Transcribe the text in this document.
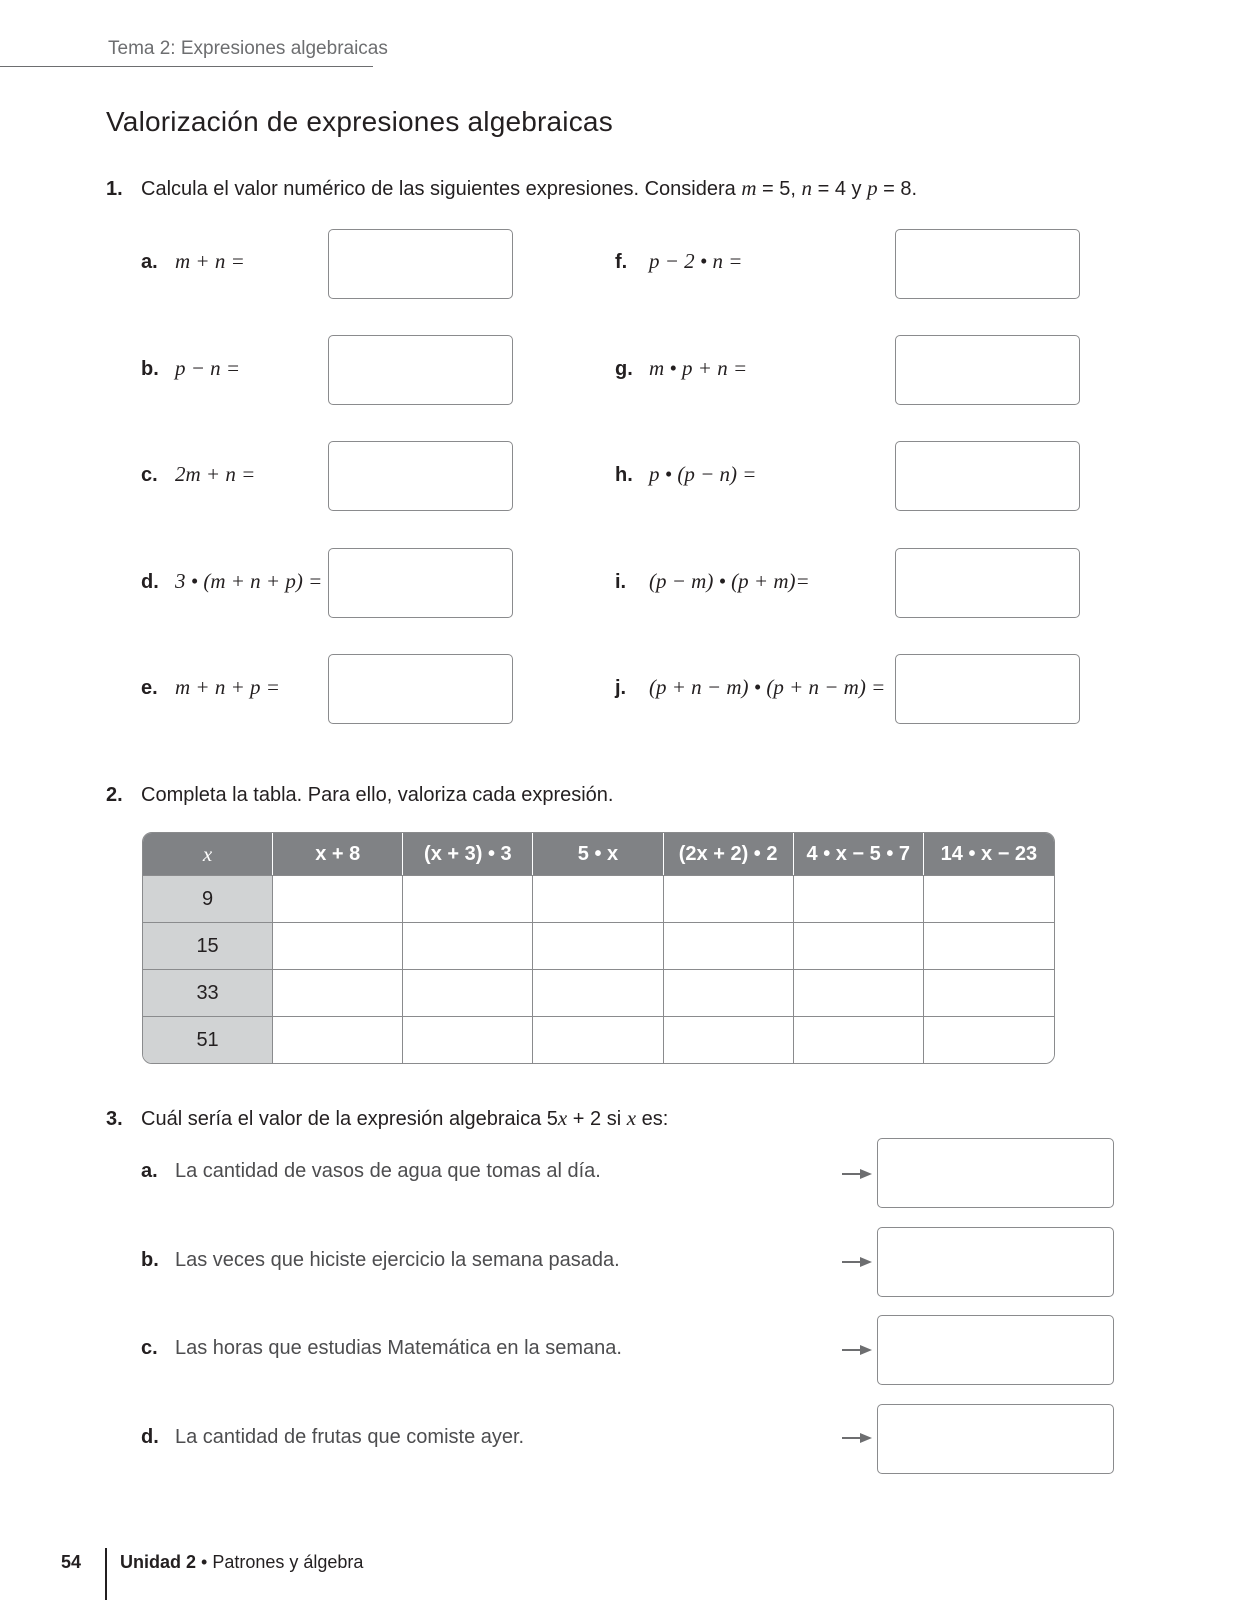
Tema 2: Expresiones algebraicas
Valorización de expresiones algebraicas
1. Calcula el valor numérico de las siguientes expresiones. Considera m = 5, n = 4 y p = 8.
a. m + n =
b. p − n =
c. 2m + n =
d. 3 • (m + n + p) =
e. m + n + p =
f. p − 2 • n =
g. m • p + n =
h. p • (p − n) =
i. (p − m) • (p + m)=
j. (p + n − m) • (p + n − m) =
2. Completa la tabla. Para ello, valoriza cada expresión.
x	x + 8	(x + 3) • 3	5 • x	(2x + 2) • 2	4 • x − 5 • 7	14 • x − 23
9						
15						
33						
51						
3. Cuál sería el valor de la expresión algebraica 5x + 2 si x es:
a. La cantidad de vasos de agua que tomas al día.
b. Las veces que hiciste ejercicio la semana pasada.
c. Las horas que estudias Matemática en la semana.
d. La cantidad de frutas que comiste ayer.
54 Unidad 2 • Patrones y álgebra
